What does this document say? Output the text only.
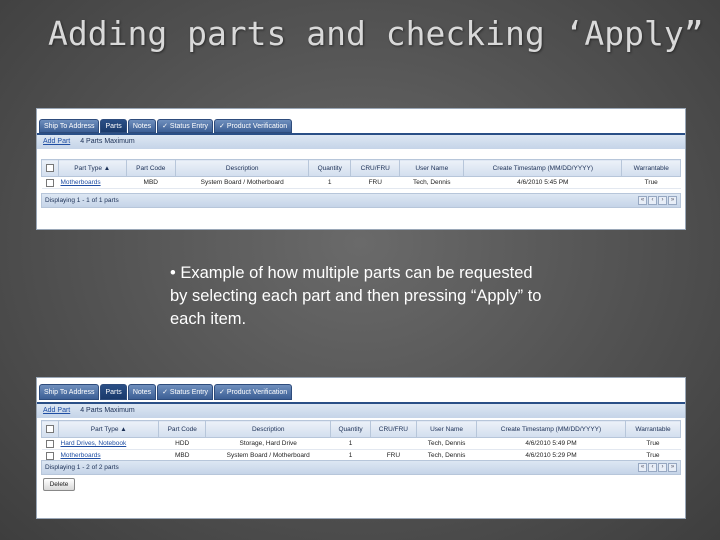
Adding parts and checking ‘Apply”
Ship To Address	Parts	Notes	✓ Status Entry	✓ Product Verification
Add Part 4 Parts Maximum
	Part Type ▲	Part Code	Description	Quantity	CRU/FRU	User Name	Create Timestamp (MM/DD/YYYY)	Warrantable
	Motherboards	MBD	System Board / Motherboard	1	FRU	Tech, Dennis	4/6/2010 5:45 PM	True
Displaying 1 - 1 of 1 parts	«	‹	›	»
• Example of how multiple parts can be requested by selecting each part and then pressing “Apply” to each item.
Ship To Address	Parts	Notes	✓ Status Entry	✓ Product Verification
Add Part 4 Parts Maximum
	Part Type ▲	Part Code	Description	Quantity	CRU/FRU	User Name	Create Timestamp (MM/DD/YYYY)	Warrantable
	Hard Drives, Notebook	HDD	Storage, Hard Drive	1		Tech, Dennis	4/6/2010 5:49 PM	True
	Motherboards	MBD	System Board / Motherboard	1	FRU	Tech, Dennis	4/6/2010 5:29 PM	True
Displaying 1 - 2 of 2 parts	«	‹	›	»
Delete
